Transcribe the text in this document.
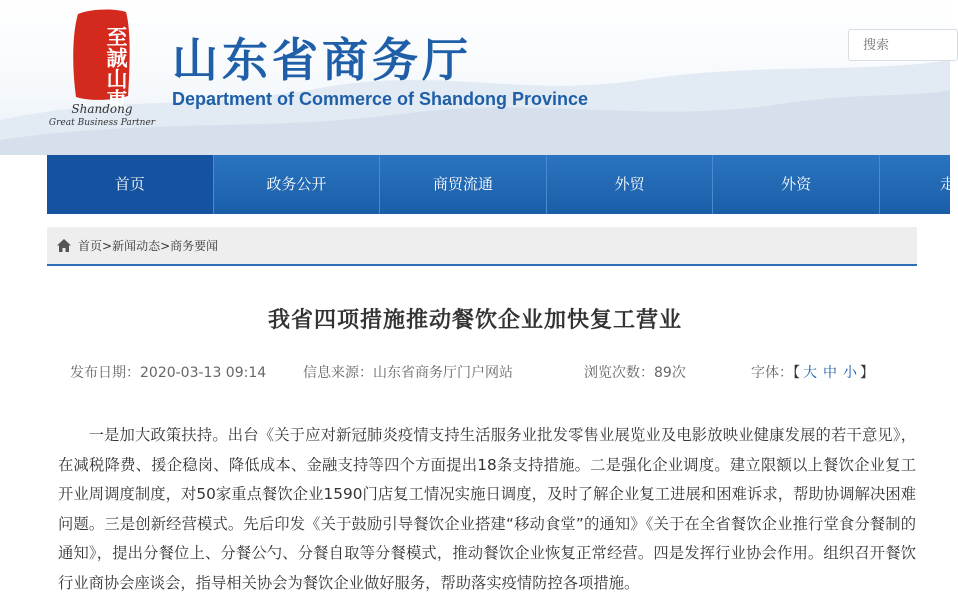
至誠山東
Shandong
Great Business Partner
山东省商务厅
Department of Commerce of Shandong Province
搜索
首页	政务公开	商贸流通	外贸	外资	走
首页 > 新闻动态 > 商务要闻
我省四项措施推动餐饮企业加快复工营业
发布日期：2020-03-13 09:14	信息来源：山东省商务厅门户网站	浏览次数：89次	字体：【 大 中 小 】

一是加大政策扶持。出台《关于应对新冠肺炎疫情支持生活服务业批发零售业展览业及电影放映业健康发展的若干意见》，在减税降费、援企稳岗、降低成本、金融支持等四个方面提出18条支持措施。二是强化企业调度。建立限额以上餐饮企业复工开业周调度制度，对50家重点餐饮企业1590门店复工情况实施日调度，及时了解企业复工进展和困难诉求，帮助协调解决困难问题。三是创新经营模式。先后印发《关于鼓励引导餐饮企业搭建“移动食堂”的通知》《关于在全省餐饮企业推行堂食分餐制的通知》，提出分餐位上、分餐公勺、分餐自取等分餐模式，推动餐饮企业恢复正常经营。四是发挥行业协会作用。组织召开餐饮行业商协会座谈会，指导相关协会为餐饮企业做好服务，帮助落实疫情防控各项措施。
